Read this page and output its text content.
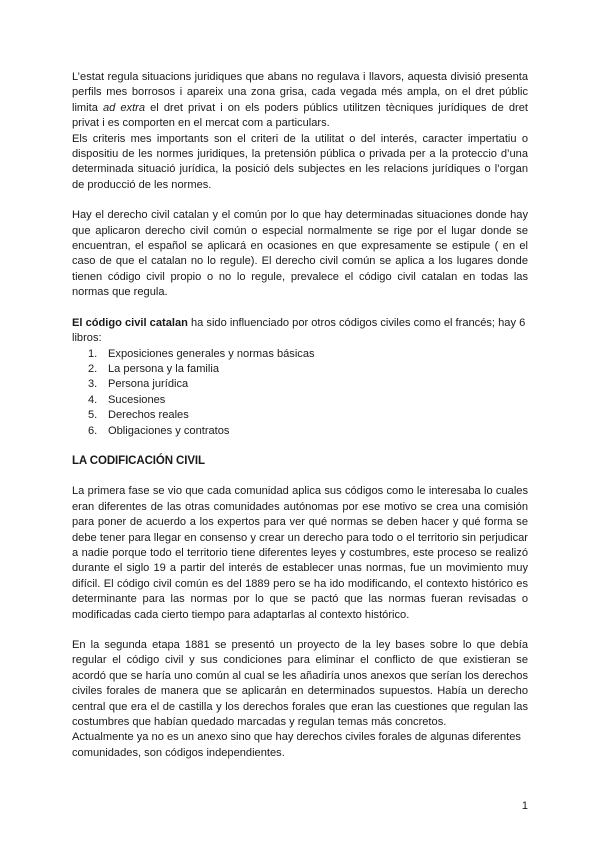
L’estat regula situacions juridiques que abans no regulava i llavors, aquesta divisió presenta perfils mes borrosos i apareix una zona grisa, cada vegada més ampla, on el dret públic limita ad extra el dret privat i on els poders públics utilitzen tècniques jurídiques de dret privat i es comporten en el mercat com a particulars.

Els criteris mes importants son el criteri de la utilitat o del interés, caracter impertatiu o dispositiu de les normes juridiques, la pretensión pública o privada per a la proteccio d’una determinada situació jurídica, la posició dels subjectes en les relacions jurídiques o l’organ de producció de les normes.

Hay el derecho civil catalan y el común por lo que hay determinadas situaciones donde hay que aplicaron derecho civil común o especial normalmente se rige por el lugar donde se encuentran, el español se aplicará en ocasiones en que expresamente se estipule ( en el caso de que el catalan no lo regule). El derecho civil común se aplica a los lugares donde tienen código civil propio o no lo regule, prevalece el código civil catalan en todas las normas que regula.

El código civil catalan ha sido influenciado por otros códigos civiles como el francés; hay 6 libros:

1. Exposiciones generales y normas básicas
2. La persona y la familia
3. Persona jurídica
4. Sucesiones
5. Derechos reales
6. Obligaciones y contratos

LA CODIFICACIÓN CIVIL

La primera fase se vio que cada comunidad aplica sus códigos como le interesaba lo cuales eran diferentes de las otras comunidades autónomas por ese motivo se crea una comisión para poner de acuerdo a los expertos para ver qué normas se deben hacer y qué forma se debe tener para llegar en consenso y crear un derecho para todo o el territorio sin perjudicar a nadie porque todo el territorio tiene diferentes leyes y costumbres, este proceso se realizó durante el siglo 19 a partir del interés de establecer unas normas, fue un movimiento muy difícil. El código civil común es del 1889 pero se ha ido modificando, el contexto histórico es determinante para las normas por lo que se pactó que las normas fueran revisadas o modificadas cada cierto tiempo para adaptarlas al contexto histórico.

En la segunda etapa 1881 se presentó un proyecto de la ley bases sobre lo que debía regular el código civil y sus condiciones para eliminar el conflicto de que existieran se acordó que se haría uno común al cual se les añadiría unos anexos que serían los derechos civiles forales de manera que se aplicarán en determinados supuestos. Había un derecho central que era el de castilla y los derechos forales que eran las cuestiones que regulan las costumbres que habían quedado marcadas y regulan temas más concretos.

Actualmente ya no es un anexo sino que hay derechos civiles forales de algunas diferentes comunidades, son códigos independientes.

1
